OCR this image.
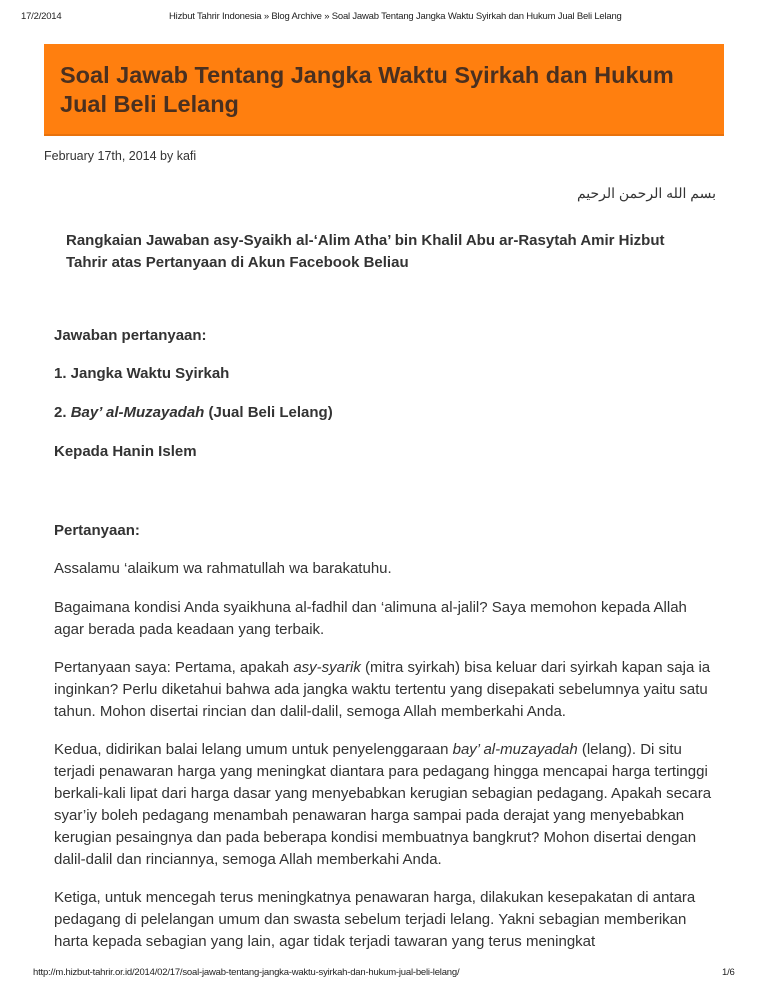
17/2/2014	Hizbut Tahrir Indonesia » Blog Archive » Soal Jawab Tentang Jangka Waktu Syirkah dan Hukum Jual Beli Lelang
Soal Jawab Tentang Jangka Waktu Syirkah dan Hukum Jual Beli Lelang
February 17th, 2014 by kafi
بسم الله الرحمن الرحيم

Rangkaian Jawaban asy-Syaikh al-‘Alim Atha’ bin Khalil Abu ar-Rasytah Amir Hizbut Tahrir atas Pertanyaan di Akun Facebook Beliau

Jawaban pertanyaan:

1. Jangka Waktu Syirkah

2. Bay’ al-Muzayadah (Jual Beli Lelang)

Kepada Hanin Islem

Pertanyaan:

Assalamu ‘alaikum wa rahmatullah wa barakatuhu.

Bagaimana kondisi Anda syaikhuna al-fadhil dan ‘alimuna al-jalil? Saya memohon kepada Allah agar berada pada keadaan yang terbaik.

Pertanyaan saya: Pertama, apakah asy-syarik (mitra syirkah) bisa keluar dari syirkah kapan saja ia inginkan? Perlu diketahui bahwa ada jangka waktu tertentu yang disepakati sebelumnya yaitu satu tahun. Mohon disertai rincian dan dalil-dalil, semoga Allah memberkahi Anda.

Kedua, didirikan balai lelang umum untuk penyelenggaraan bay’ al-muzayadah (lelang). Di situ terjadi penawaran harga yang meningkat diantara para pedagang hingga mencapai harga tertinggi berkali-kali lipat dari harga dasar yang menyebabkan kerugian sebagian pedagang. Apakah secara syar’iy boleh pedagang menambah penawaran harga sampai pada derajat yang menyebabkan kerugian pesaingnya dan pada beberapa kondisi membuatnya bangkrut? Mohon disertai dengan dalil-dalil dan rinciannya, semoga Allah memberkahi Anda.

Ketiga, untuk mencegah terus meningkatnya penawaran harga, dilakukan kesepakatan di antara pedagang di pelelangan umum dan swasta sebelum terjadi lelang. Yakni sebagian memberikan harta kepada sebagian yang lain, agar tidak terjadi tawaran yang terus meningkat

http://m.hizbut-tahrir.or.id/2014/02/17/soal-jawab-tentang-jangka-waktu-syirkah-dan-hukum-jual-beli-lelang/	1/6
